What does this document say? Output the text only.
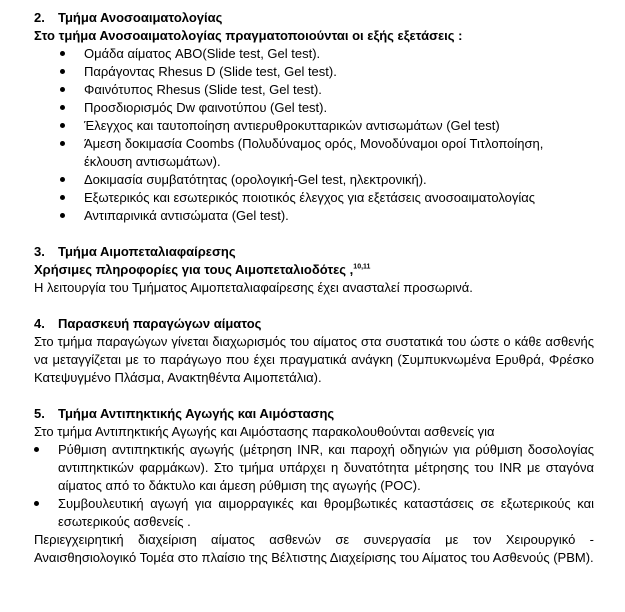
2.	Τμήμα Ανοσοαιματολογίας
Στο τμήμα Ανοσοαιματολογίας πραγματοποιούνται οι εξής εξετάσεις :
Ομάδα αίματος ABO(Slide test, Gel test).
Παράγοντας Rhesus D (Slide test, Gel test).
Φαινότυπος Rhesus (Slide test, Gel test).
Προσδιορισμός Dw φαινοτύπου (Gel test).
Έλεγχος και ταυτοποίηση αντιερυθροκυτταρικών αντισωμάτων (Gel test)
Άμεση δοκιμασία Coombs (Πολυδύναμος ορός, Μονοδύναμοι οροί Τιτλοποίηση, έκλουση αντισωμάτων).
Δοκιμασία συμβατότητας (ορολογική-Gel test, ηλεκτρονική).
Εξωτερικός και εσωτερικός ποιοτικός έλεγχος για εξετάσεις ανοσοαιματολογίας
Αντιπαρινικά αντισώματα (Gel test).
3.	Τμήμα Αιμοπεταλιαφαίρεσης
Χρήσιμες πληροφορίες για τους Αιμοπεταλιοδότες ,$^{10,11}$
Η λειτουργία του Τμήματος Αιμοπεταλιαφαίρεσης έχει ανασταλεί προσωρινά.
4.	Παρασκευή παραγώγων αίματος
Στο τμήμα παραγώγων γίνεται διαχωρισμός του αίματος στα συστατικά του ώστε ο κάθε ασθενής να μεταγγίζεται με το παράγωγο που έχει πραγματικά ανάγκη (Συμπυκνωμένα Ερυθρά, Φρέσκο Κατεψυγμένο Πλάσμα, Ανακτηθέντα Αιμοπετάλια).
5.	Τμήμα Αντιπηκτικής Αγωγής και Αιμόστασης
Στο τμήμα Αντιπηκτικής Αγωγής και Αιμόστασης παρακολουθούνται ασθενείς για
Ρύθμιση αντιπηκτικής αγωγής (μέτρηση INR, και παροχή οδηγιών για ρύθμιση δοσολογίας αντιπηκτικών φαρμάκων). Στο τμήμα υπάρχει η δυνατότητα μέτρησης του INR με σταγόνα αίματος από το δάκτυλο και άμεση ρύθμιση της αγωγής (POC).
Συμβουλευτική αγωγή για αιμορραγικές και θρομβωτικές καταστάσεις σε εξωτερικούς και εσωτερικούς ασθενείς .
Περιεγχειρητική διαχείριση αίματος ασθενών σε συνεργασία με τον Χειρουργικό - Αναισθησιολογικό Τομέα στο πλαίσιο της Βέλτιστης Διαχείρισης του Αίματος του Ασθενούς (PBM).
